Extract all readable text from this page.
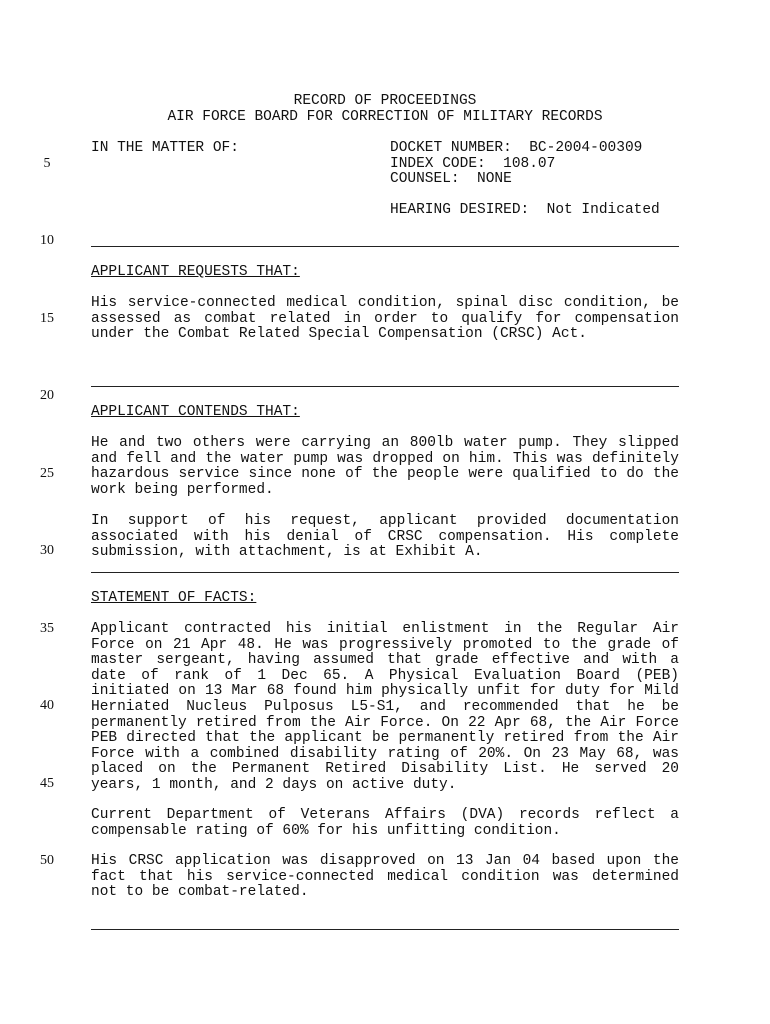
RECORD OF PROCEEDINGS
AIR FORCE BOARD FOR CORRECTION OF MILITARY RECORDS
IN THE MATTER OF:	DOCKET NUMBER:  BC-2004-00309
INDEX CODE:  108.07
COUNSEL:  NONE
HEARING DESIRED:  Not Indicated
5
10
15
20
25
30
35
40
45
50
APPLICANT REQUESTS THAT:
His service-connected medical condition, spinal disc condition, be assessed as combat related in order to qualify for compensation under the Combat Related Special Compensation (CRSC) Act.
APPLICANT CONTENDS THAT:
He and two others were carrying an 800lb water pump. They slipped and fell and the water pump was dropped on him. This was definitely hazardous service since none of the people were qualified to do the work being performed.
In support of his request, applicant provided documentation associated with his denial of CRSC compensation. His complete submission, with attachment, is at Exhibit A.
STATEMENT OF FACTS:
Applicant contracted his initial enlistment in the Regular Air Force on 21 Apr 48. He was progressively promoted to the grade of master sergeant, having assumed that grade effective and with a date of rank of 1 Dec 65. A Physical Evaluation Board (PEB) initiated on 13 Mar 68 found him physically unfit for duty for Mild Herniated Nucleus Pulposus L5-S1, and recommended that he be permanently retired from the Air Force. On 22 Apr 68, the Air Force PEB directed that the applicant be permanently retired from the Air Force with a combined disability rating of 20%. On 23 May 68, was placed on the Permanent Retired Disability List. He served 20 years, 1 month, and 2 days on active duty.
Current Department of Veterans Affairs (DVA) records reflect a compensable rating of 60% for his unfitting condition.
His CRSC application was disapproved on 13 Jan 04 based upon the fact that his service-connected medical condition was determined not to be combat-related.
